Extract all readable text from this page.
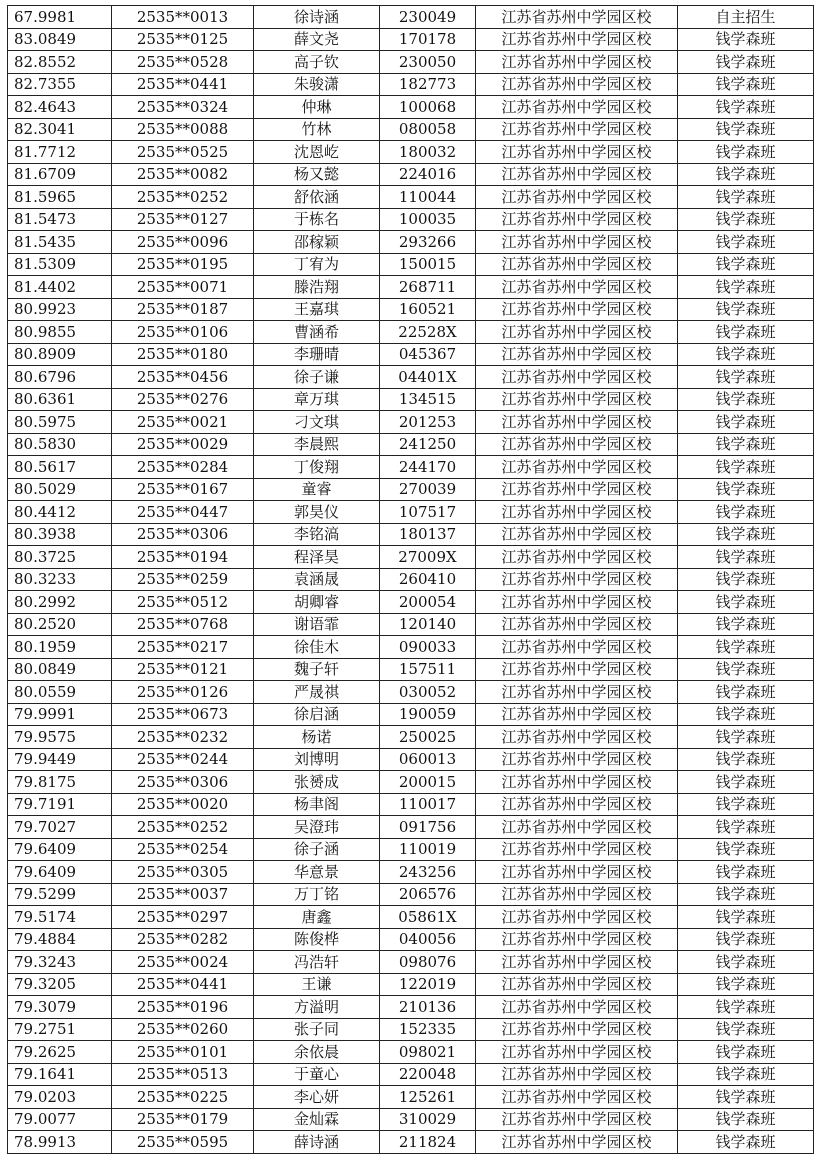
67.9981	2535**0013	徐诗涵	230049	江苏省苏州中学园区校	自主招生
83.0849	2535**0125	薛文尧	170178	江苏省苏州中学园区校	钱学森班
82.8552	2535**0528	高子钦	230050	江苏省苏州中学园区校	钱学森班
82.7355	2535**0441	朱骏潇	182773	江苏省苏州中学园区校	钱学森班
82.4643	2535**0324	仲琳	100068	江苏省苏州中学园区校	钱学森班
82.3041	2535**0088	竹林	080058	江苏省苏州中学园区校	钱学森班
81.7712	2535**0525	沈恩屹	180032	江苏省苏州中学园区校	钱学森班
81.6709	2535**0082	杨又懿	224016	江苏省苏州中学园区校	钱学森班
81.5965	2535**0252	舒依涵	110044	江苏省苏州中学园区校	钱学森班
81.5473	2535**0127	于栋名	100035	江苏省苏州中学园区校	钱学森班
81.5435	2535**0096	邵稼颖	293266	江苏省苏州中学园区校	钱学森班
81.5309	2535**0195	丁宥为	150015	江苏省苏州中学园区校	钱学森班
81.4402	2535**0071	滕浩翔	268711	江苏省苏州中学园区校	钱学森班
80.9923	2535**0187	王嘉琪	160521	江苏省苏州中学园区校	钱学森班
80.9855	2535**0106	曹涵希	22528X	江苏省苏州中学园区校	钱学森班
80.8909	2535**0180	李珊晴	045367	江苏省苏州中学园区校	钱学森班
80.6796	2535**0456	徐子谦	04401X	江苏省苏州中学园区校	钱学森班
80.6361	2535**0276	章万琪	134515	江苏省苏州中学园区校	钱学森班
80.5975	2535**0021	刁文琪	201253	江苏省苏州中学园区校	钱学森班
80.5830	2535**0029	李晨熙	241250	江苏省苏州中学园区校	钱学森班
80.5617	2535**0284	丁俊翔	244170	江苏省苏州中学园区校	钱学森班
80.5029	2535**0167	童睿	270039	江苏省苏州中学园区校	钱学森班
80.4412	2535**0447	郭昊仪	107517	江苏省苏州中学园区校	钱学森班
80.3938	2535**0306	李铭滈	180137	江苏省苏州中学园区校	钱学森班
80.3725	2535**0194	程泽昊	27009X	江苏省苏州中学园区校	钱学森班
80.3233	2535**0259	袁涵晟	260410	江苏省苏州中学园区校	钱学森班
80.2992	2535**0512	胡卿睿	200054	江苏省苏州中学园区校	钱学森班
80.2520	2535**0768	谢语霏	120140	江苏省苏州中学园区校	钱学森班
80.1959	2535**0217	徐佳木	090033	江苏省苏州中学园区校	钱学森班
80.0849	2535**0121	魏子轩	157511	江苏省苏州中学园区校	钱学森班
80.0559	2535**0126	严晟祺	030052	江苏省苏州中学园区校	钱学森班
79.9991	2535**0673	徐启涵	190059	江苏省苏州中学园区校	钱学森班
79.9575	2535**0232	杨诺	250025	江苏省苏州中学园区校	钱学森班
79.9449	2535**0244	刘博明	060013	江苏省苏州中学园区校	钱学森班
79.8175	2535**0306	张赟成	200015	江苏省苏州中学园区校	钱学森班
79.7191	2535**0020	杨聿阁	110017	江苏省苏州中学园区校	钱学森班
79.7027	2535**0252	吴澄玮	091756	江苏省苏州中学园区校	钱学森班
79.6409	2535**0254	徐子涵	110019	江苏省苏州中学园区校	钱学森班
79.6409	2535**0305	华意景	243256	江苏省苏州中学园区校	钱学森班
79.5299	2535**0037	万丁铭	206576	江苏省苏州中学园区校	钱学森班
79.5174	2535**0297	唐鑫	05861X	江苏省苏州中学园区校	钱学森班
79.4884	2535**0282	陈俊桦	040056	江苏省苏州中学园区校	钱学森班
79.3243	2535**0024	冯浩轩	098076	江苏省苏州中学园区校	钱学森班
79.3205	2535**0441	王谦	122019	江苏省苏州中学园区校	钱学森班
79.3079	2535**0196	方溢明	210136	江苏省苏州中学园区校	钱学森班
79.2751	2535**0260	张子同	152335	江苏省苏州中学园区校	钱学森班
79.2625	2535**0101	余依晨	098021	江苏省苏州中学园区校	钱学森班
79.1641	2535**0513	于童心	220048	江苏省苏州中学园区校	钱学森班
79.0203	2535**0225	李心妍	125261	江苏省苏州中学园区校	钱学森班
79.0077	2535**0179	金灿霖	310029	江苏省苏州中学园区校	钱学森班
78.9913	2535**0595	薛诗涵	211824	江苏省苏州中学园区校	钱学森班
